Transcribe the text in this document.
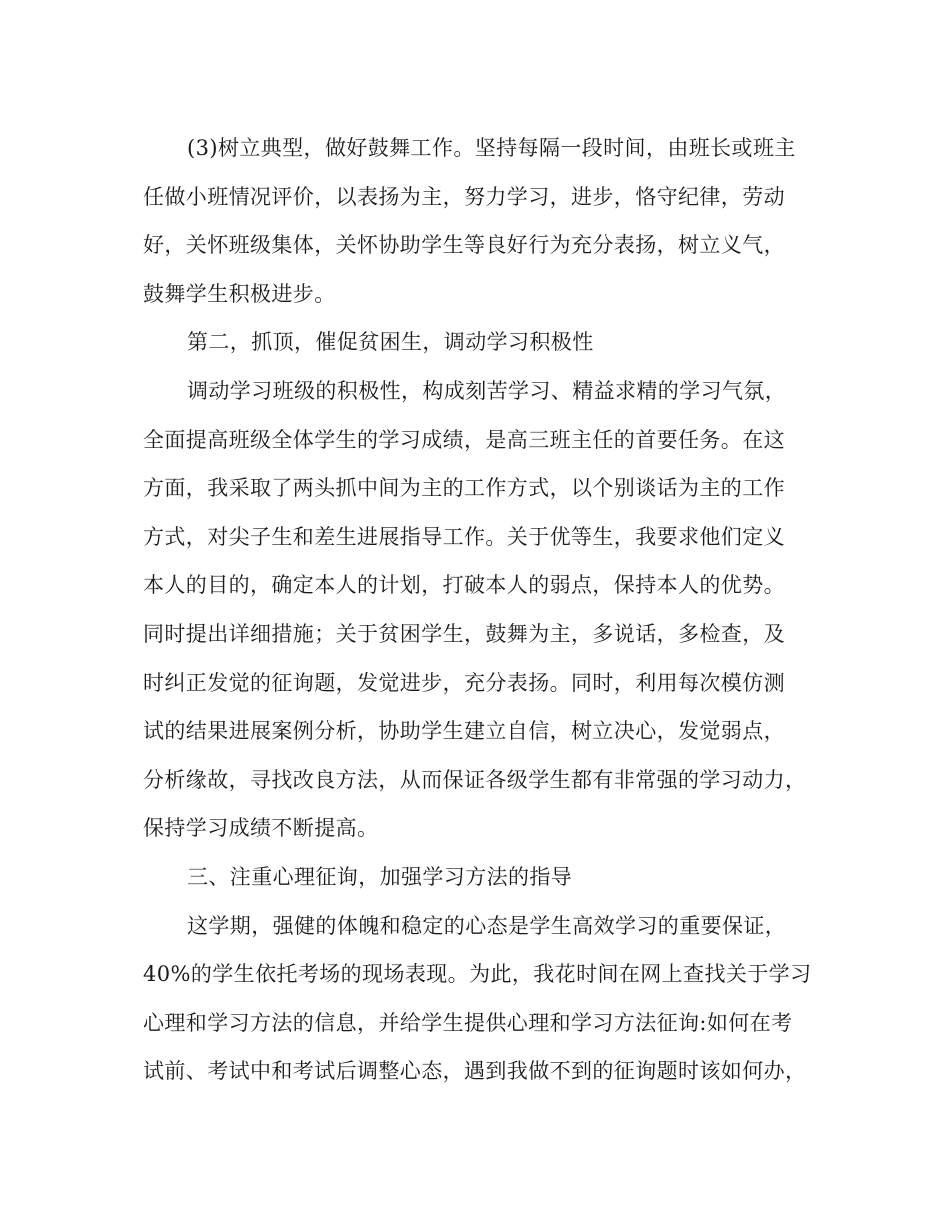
(3)树立典型，做好鼓舞工作。坚持每隔一段时间，由班长或班主
任做小班情况评价，以表扬为主，努力学习，进步，恪守纪律，劳动
好，关怀班级集体，关怀协助学生等良好行为充分表扬，树立义气，
鼓舞学生积极进步。
第二，抓顶，催促贫困生，调动学习积极性
调动学习班级的积极性，构成刻苦学习、精益求精的学习气氛，
全面提高班级全体学生的学习成绩，是高三班主任的首要任务。在这
方面，我采取了两头抓中间为主的工作方式，以个别谈话为主的工作
方式，对尖子生和差生进展指导工作。关于优等生，我要求他们定义
本人的目的，确定本人的计划，打破本人的弱点，保持本人的优势。
同时提出详细措施；关于贫困学生，鼓舞为主，多说话，多检查，及
时纠正发觉的征询题，发觉进步，充分表扬。同时，利用每次模仿测
试的结果进展案例分析，协助学生建立自信，树立决心，发觉弱点，
分析缘故，寻找改良方法，从而保证各级学生都有非常强的学习动力，
保持学习成绩不断提高。
三、注重心理征询，加强学习方法的指导
这学期，强健的体魄和稳定的心态是学生高效学习的重要保证，
40%的学生依托考场的现场表现。为此，我花时间在网上查找关于学习
心理和学习方法的信息，并给学生提供心理和学习方法征询:如何在考
试前、考试中和考试后调整心态，遇到我做不到的征询题时该如何办，
